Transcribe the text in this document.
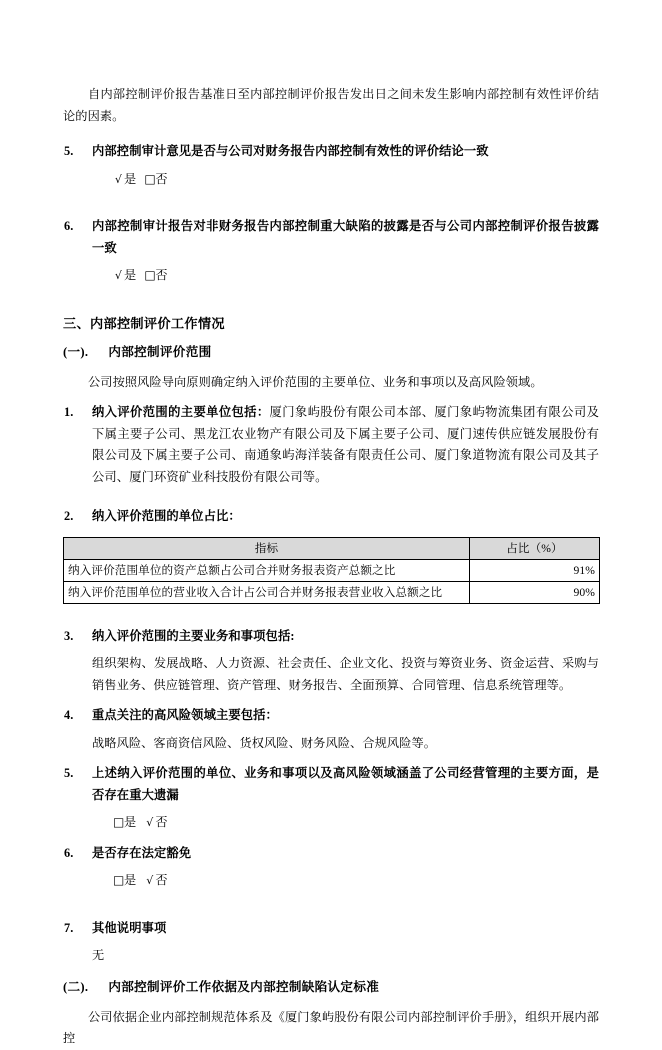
自内部控制评价报告基准日至内部控制评价报告发出日之间未发生影响内部控制有效性评价结论的因素。

5. 内部控制审计意见是否与公司对财务报告内部控制有效性的评价结论一致
√是 □ 否
6. 内部控制审计报告对非财务报告内部控制重大缺陷的披露是否与公司内部控制评价报告披露一致
√是 □ 否
三、内部控制评价工作情况
(一). 内部控制评价范围

公司按照风险导向原则确定纳入评价范围的主要单位、业务和事项以及高风险领域。

1. 纳入评价范围的主要单位包括：厦门象屿股份有限公司本部、厦门象屿物流集团有限公司及下属主要子公司、黑龙江农业物产有限公司及下属主要子公司、厦门速传供应链发展股份有限公司及下属主要子公司、南通象屿海洋装备有限责任公司、厦门象道物流有限公司及其子公司、厦门环资矿业科技股份有限公司等。
2. 纳入评价范围的单位占比：
指标	占比（%）
纳入评价范围单位的资产总额占公司合并财务报表资产总额之比	91%
纳入评价范围单位的营业收入合计占公司合并财务报表营业收入总额之比	90%
3. 纳入评价范围的主要业务和事项包括:

组织架构、发展战略、人力资源、社会责任、企业文化、投资与筹资业务、资金运营、采购与销售业务、供应链管理、资产管理、财务报告、全面预算、合同管理、信息系统管理等。

4. 重点关注的高风险领域主要包括：

战略风险、客商资信风险、货权风险、财务风险、合规风险等。

5. 上述纳入评价范围的单位、业务和事项以及高风险领域涵盖了公司经营管理的主要方面，是否存在重大遗漏
□是 √ 否
6. 是否存在法定豁免
□是 √ 否
7. 其他说明事项

无

(二). 内部控制评价工作依据及内部控制缺陷认定标准

公司依据企业内部控制规范体系及《厦门象屿股份有限公司内部控制评价手册》，组织开展内部控
